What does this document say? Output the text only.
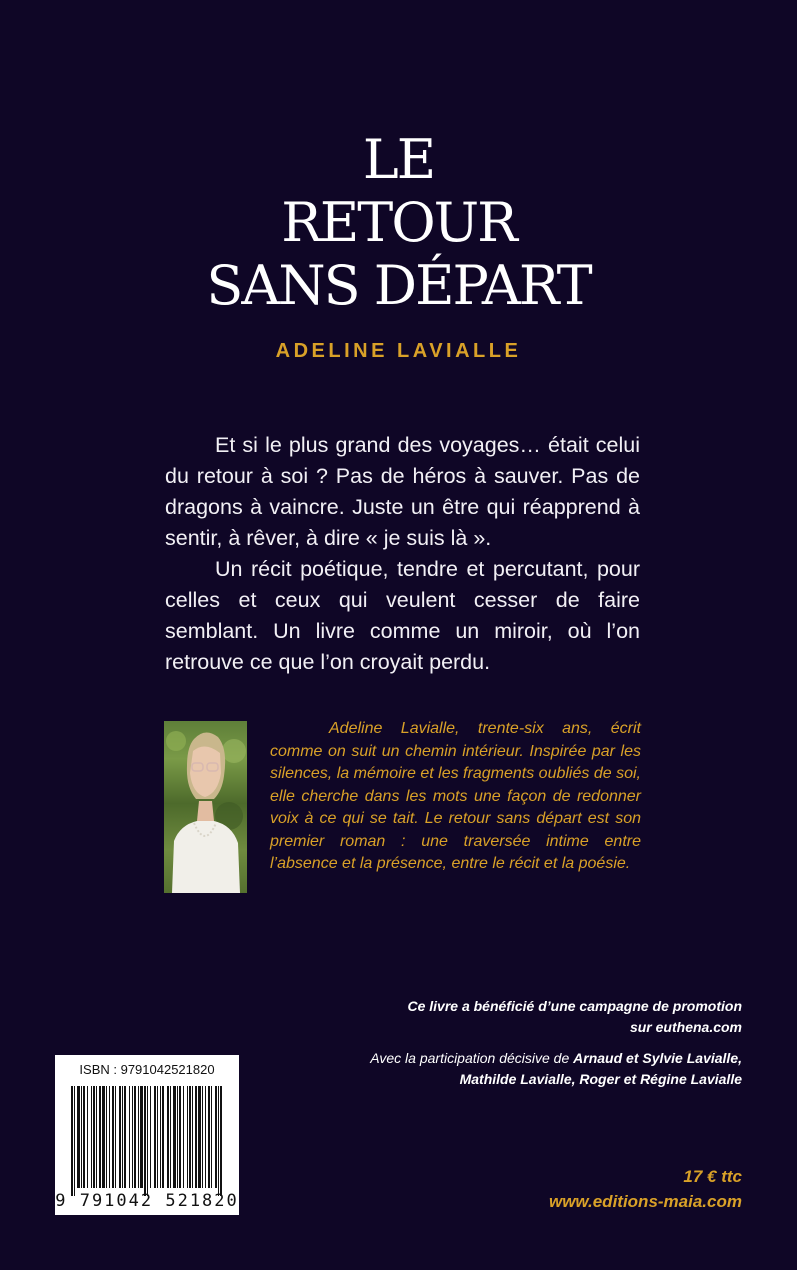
LE
RETOUR
SANS DÉPART
ADELINE LAVIALLE

Et si le plus grand des voyages… était celui du retour à soi ? Pas de héros à sauver. Pas de dragons à vaincre. Juste un être qui réapprend à sentir, à rêver, à dire « je suis là ».

Un récit poétique, tendre et percutant, pour celles et ceux qui veulent cesser de faire semblant. Un livre comme un miroir, où l’on retrouve ce que l’on croyait perdu.

Adeline Lavialle, trente-six ans, écrit comme on suit un chemin intérieur. Inspirée par les silences, la mémoire et les fragments oubliés de soi, elle cherche dans les mots une façon de redonner voix à ce qui se tait. Le retour sans départ est son premier roman : une traversée intime entre l’absence et la présence, entre le récit et la poésie.

Ce livre a bénéficié d’une campagne de promotion
sur euthena.com

Avec la participation décisive de Arnaud et Sylvie Lavialle,
Mathilde Lavialle, Roger et Régine Lavialle

17 € ttc
www.editions-maia.com
ISBN : 9791042521820
9 791042 521820
